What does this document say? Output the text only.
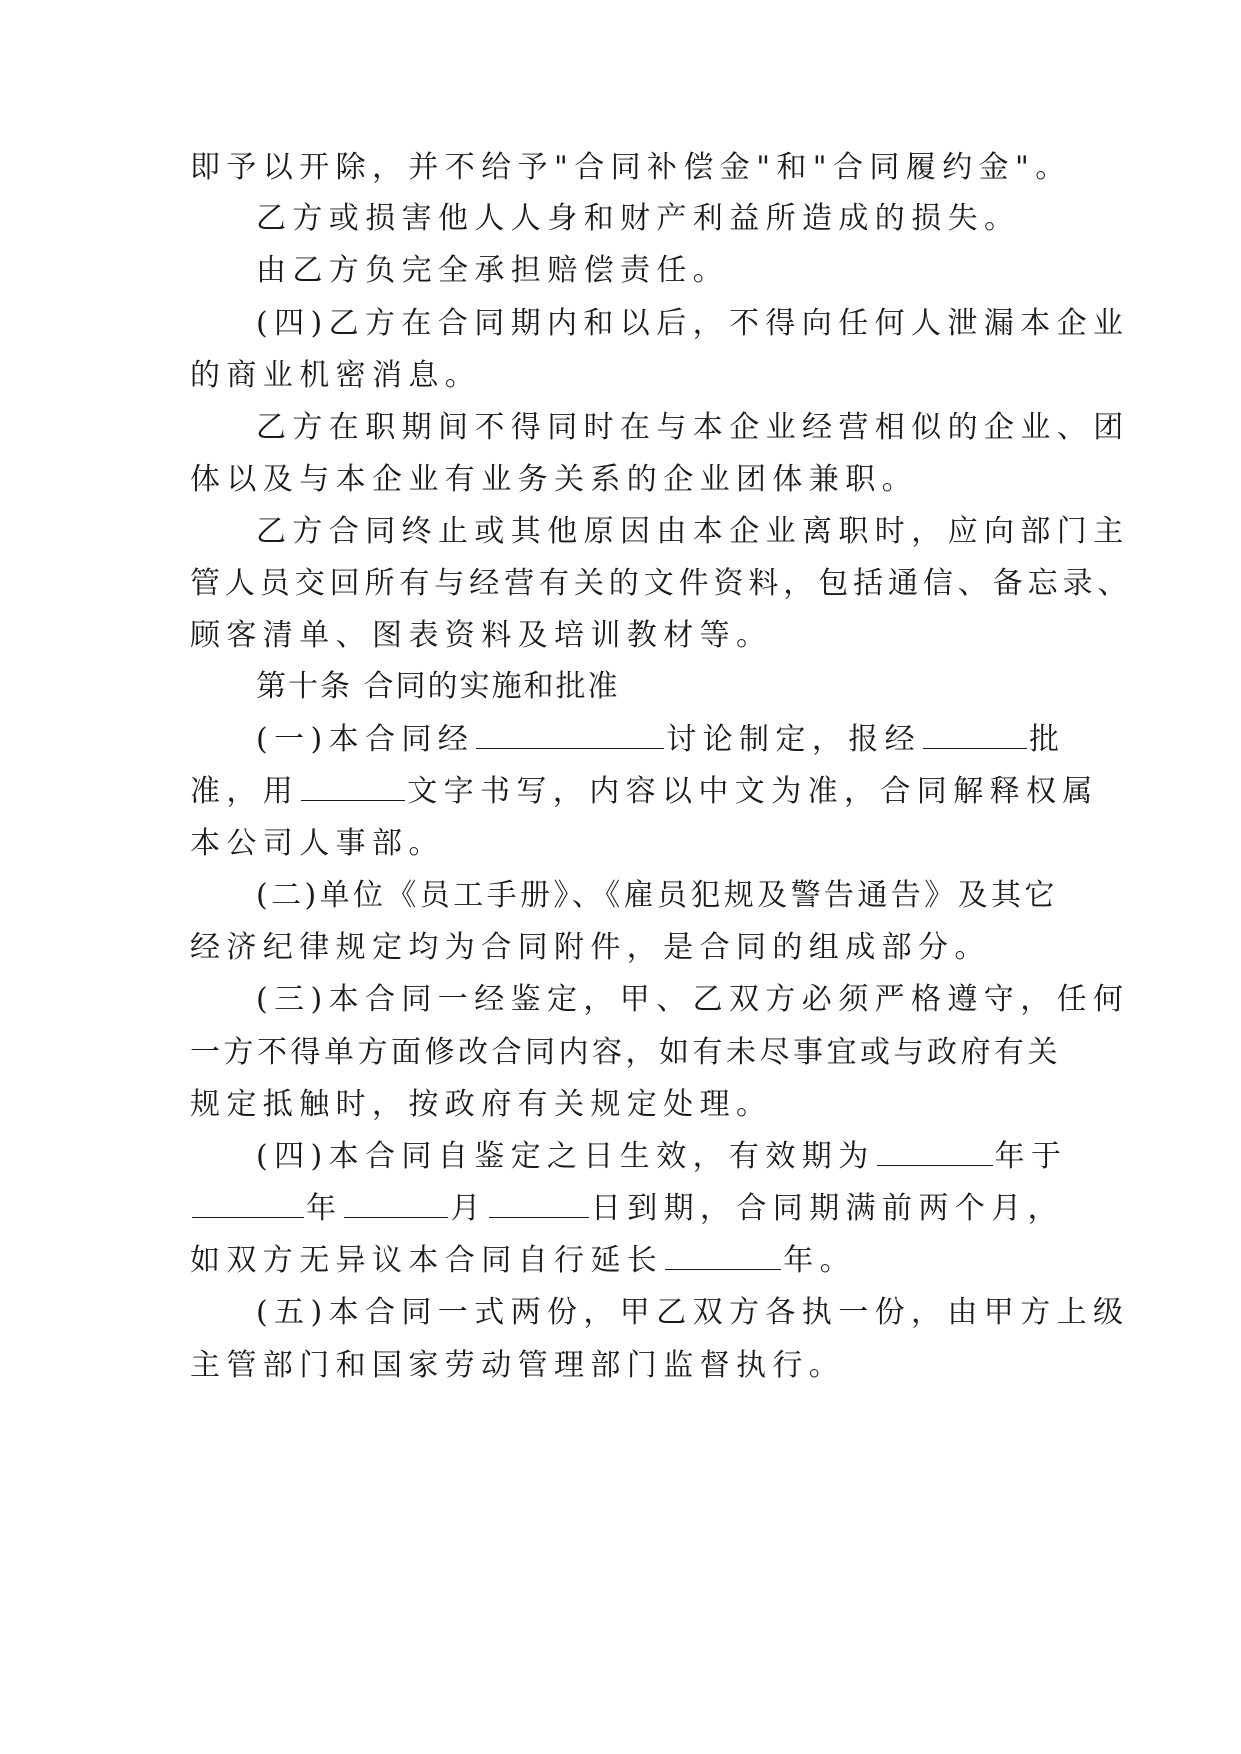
即予以开除，并不给予"合同补偿金"和"合同履约金"。
乙方或损害他人人身和财产利益所造成的损失。
由乙方负完全承担赔偿责任。
(四)乙方在合同期内和以后，不得向任何人泄漏本企业
的商业机密消息。
乙方在职期间不得同时在与本企业经营相似的企业、团
体以及与本企业有业务关系的企业团体兼职。
乙方合同终止或其他原因由本企业离职时，应向部门主
管人员交回所有与经营有关的文件资料，包括通信、备忘录、
顾客清单、图表资料及培训教材等。
第十条 合同的实施和批准
(一)本合同经	讨论制定，报经	批
准，用	文字书写，内容以中文为准，合同解释权属
本公司人事部。
(二)单位《员工手册》、《雇员犯规及警告通告》及其它
经济纪律规定均为合同附件，是合同的组成部分。
(三)本合同一经鉴定，甲、乙双方必须严格遵守，任何
一方不得单方面修改合同内容，如有未尽事宜或与政府有关
规定抵触时，按政府有关规定处理。
(四)本合同自鉴定之日生效，有效期为	年于
年	月	日到期，合同期满前两个月，
如双方无异议本合同自行延长	年。
(五)本合同一式两份，甲乙双方各执一份，由甲方上级
主管部门和国家劳动管理部门监督执行。
